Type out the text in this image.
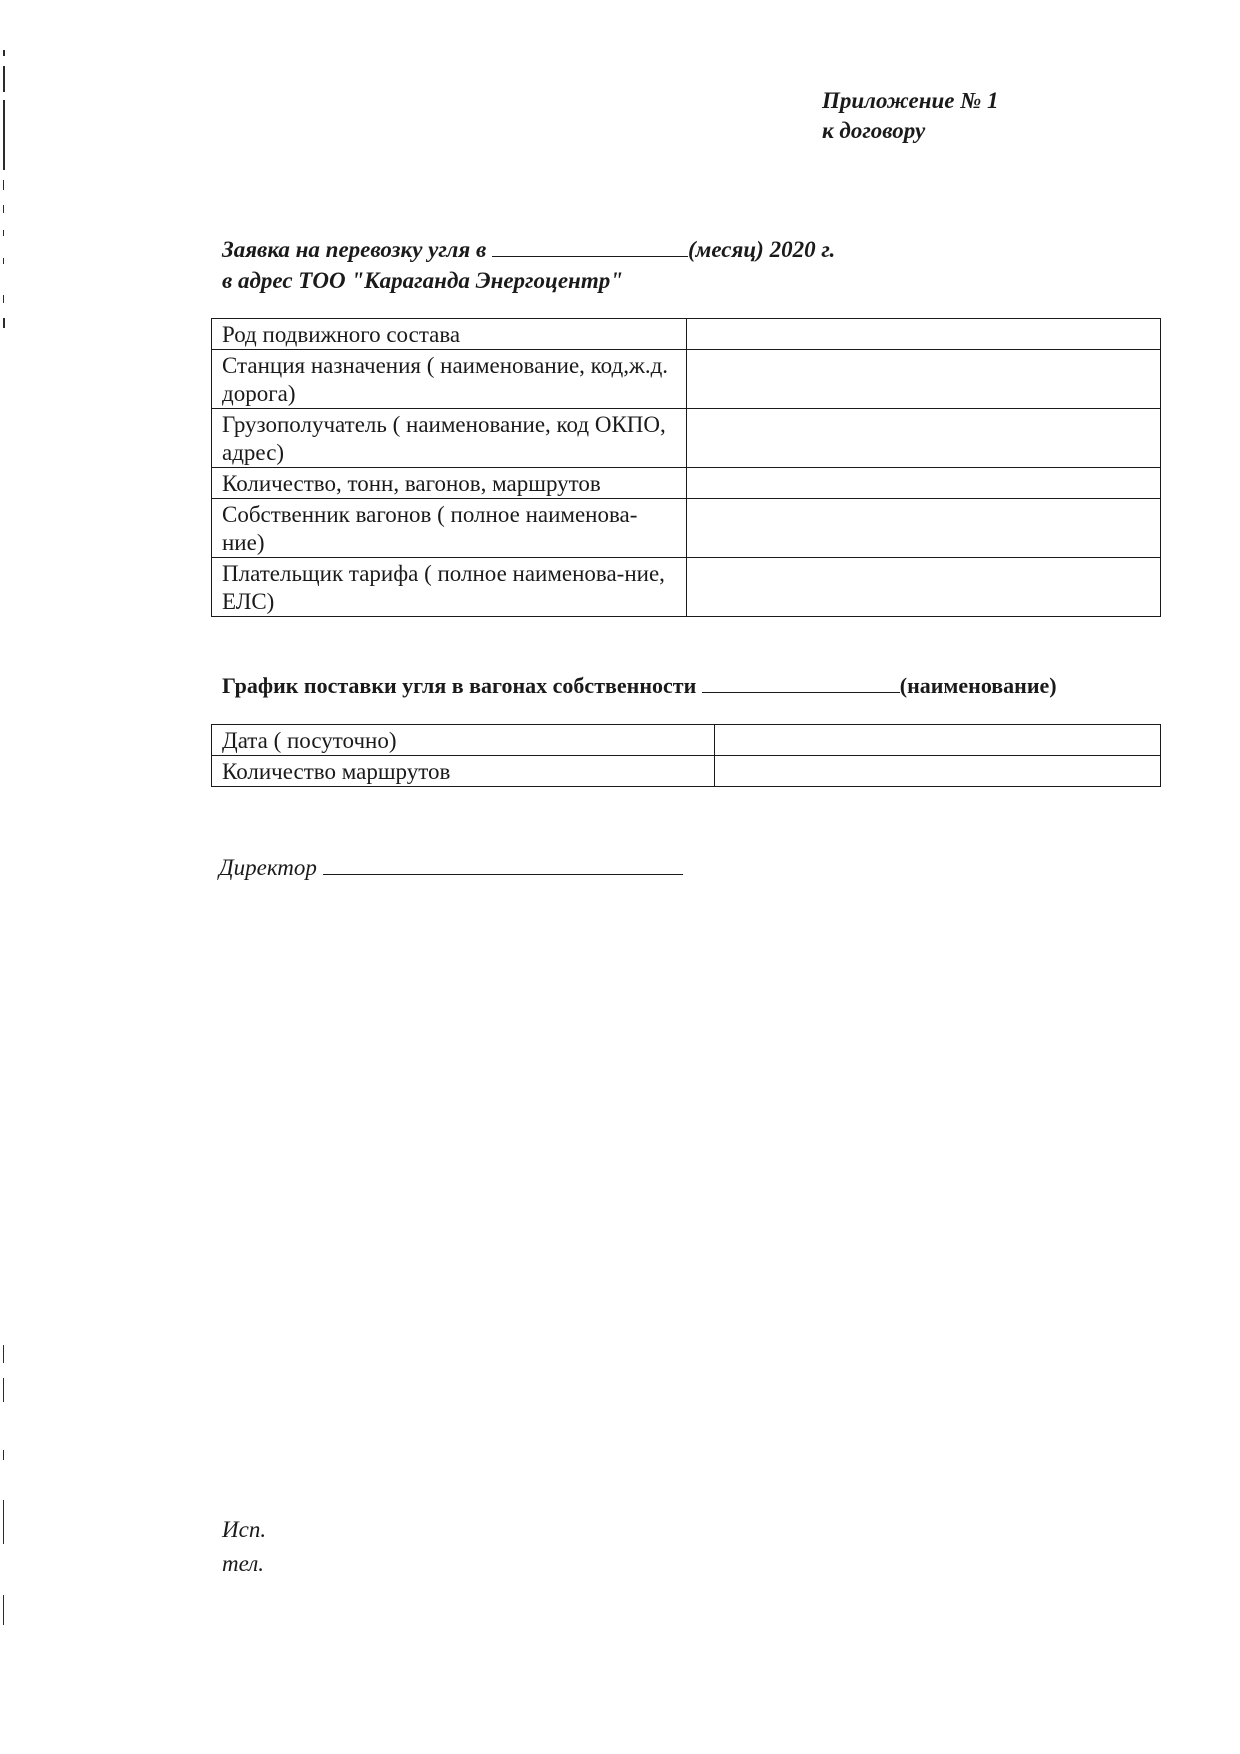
Приложение № 1
к договору
Заявка на перевозку угля в	(месяц) 2020 г.
в адрес ТОО "Караганда Энергоцентр"
Род подвижного состава	
Станция назначения ( наименование, код,ж.д. дорога)	
Грузополучатель ( наименование, код ОКПО, адрес)	
Количество, тонн, вагонов, маршрутов	
Собственник вагонов ( полное наименова-ние)	
Плательщик тарифа ( полное наименова-ние, ЕЛС)	
График поставки угля в вагонах собственности	(наименование)
Дата ( посуточно)	
Количество маршрутов	
Директор
Исп.
тел.
